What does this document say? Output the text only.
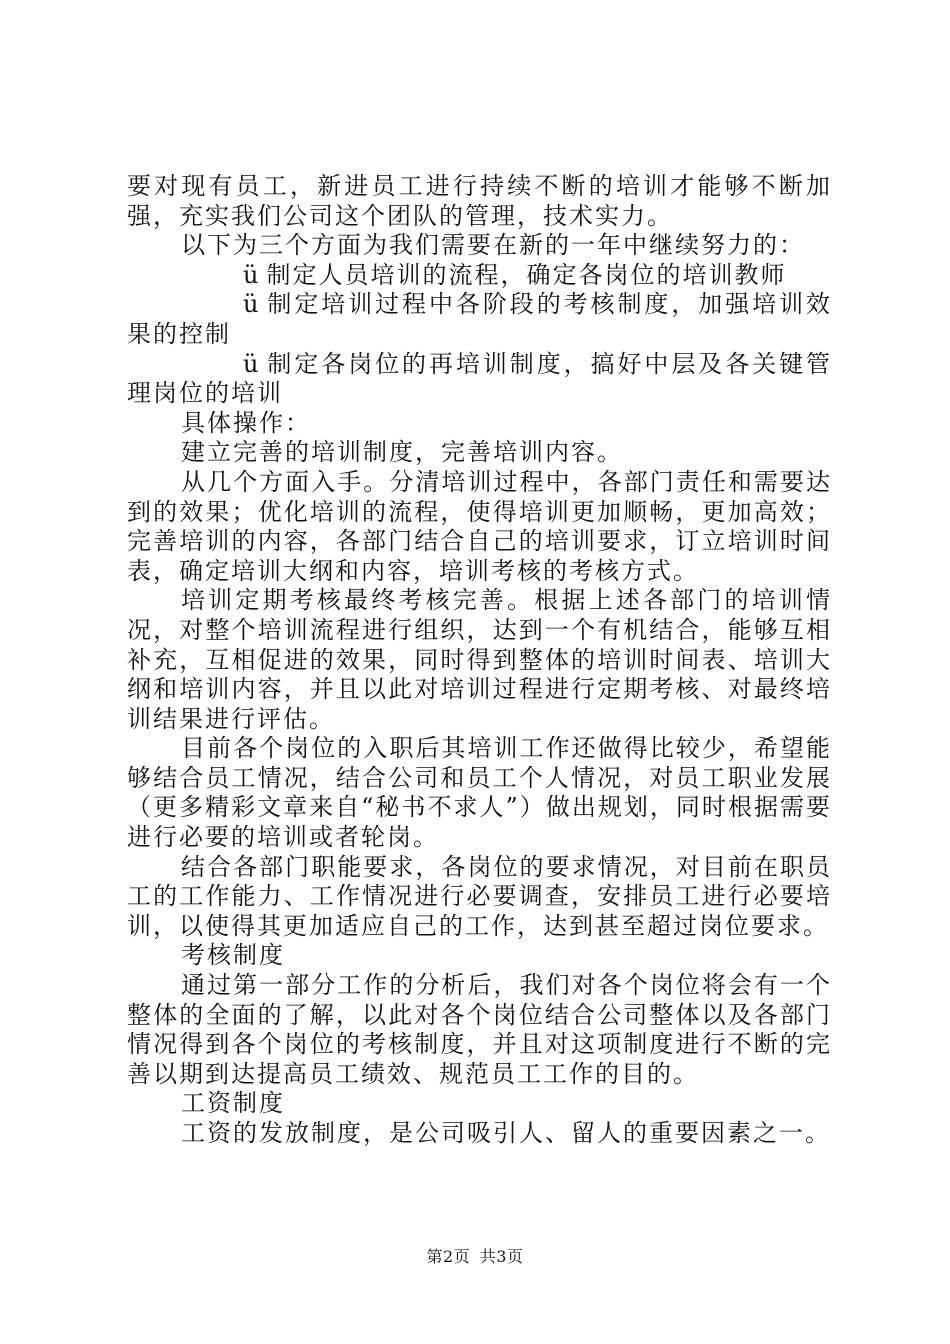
要对现有员工，新进员工进行持续不断的培训才能够不断加强，充实我们公司这个团队的管理，技术实力。

以下为三个方面为我们需要在新的一年中继续努力的：

ü 制定人员培训的流程，确定各岗位的培训教师

ü 制定培训过程中各阶段的考核制度，加强培训效果的控制

ü 制定各岗位的再培训制度，搞好中层及各关键管理岗位的培训

具体操作：

建立完善的培训制度，完善培训内容。

从几个方面入手。分清培训过程中，各部门责任和需要达到的效果；优化培训的流程，使得培训更加顺畅，更加高效；完善培训的内容，各部门结合自己的培训要求，订立培训时间表，确定培训大纲和内容，培训考核的考核方式。

培训定期考核最终考核完善。根据上述各部门的培训情况，对整个培训流程进行组织，达到一个有机结合，能够互相补充，互相促进的效果，同时得到整体的培训时间表、培训大纲和培训内容，并且以此对培训过程进行定期考核、对最终培训结果进行评估。

目前各个岗位的入职后其培训工作还做得比较少，希望能够结合员工情况，结合公司和员工个人情况，对员工职业发展（更多精彩文章来自“秘书不求人”）做出规划，同时根据需要进行必要的培训或者轮岗。

结合各部门职能要求，各岗位的要求情况，对目前在职员工的工作能力、工作情况进行必要调查，安排员工进行必要培训，以使得其更加适应自己的工作，达到甚至超过岗位要求。

考核制度

通过第一部分工作的分析后，我们对各个岗位将会有一个整体的全面的了解，以此对各个岗位结合公司整体以及各部门情况得到各个岗位的考核制度，并且对这项制度进行不断的完善以期到达提高员工绩效、规范员工工作的目的。

工资制度

工资的发放制度，是公司吸引人、留人的重要因素之一。

第2页 共3页
